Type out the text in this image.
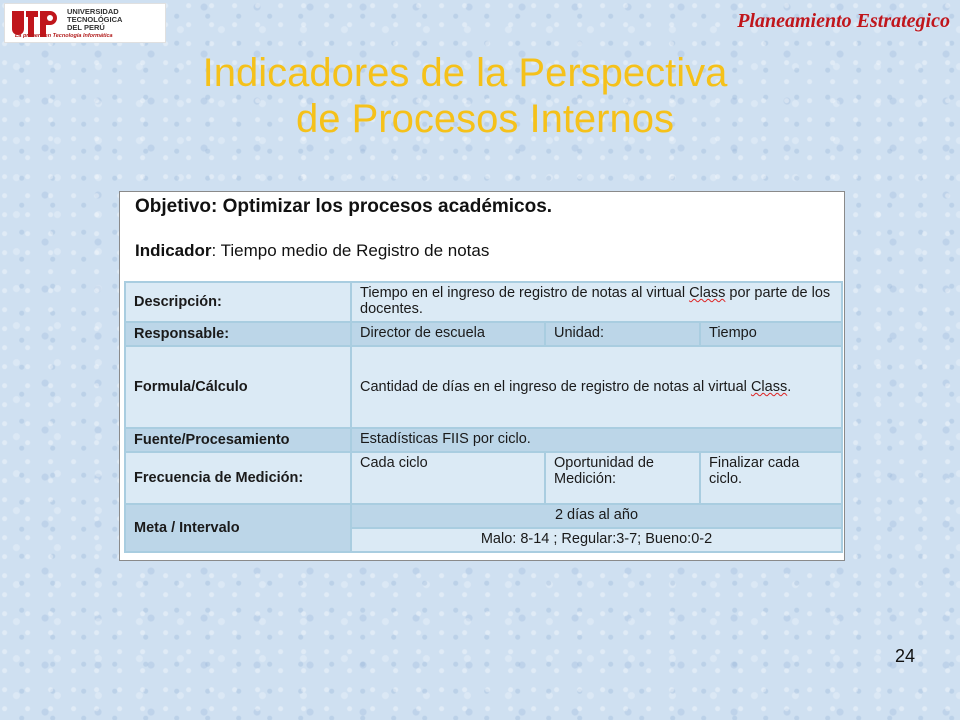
UNIVERSIDAD
TECNOLÓGICA
DEL PERÚ
La primera en Tecnología Informática
Planeamiento Estrategico
Indicadores de la Perspectiva
de Procesos Internos
Objetivo: Optimizar los procesos académicos.
Indicador: Tiempo medio de Registro de notas
Descripción:	Tiempo en el ingreso de registro de notas al virtual Class por parte de los docentes.		
Responsable:	Director de escuela	Unidad:	Tiempo
Formula/Cálculo	Cantidad de días en el ingreso de registro de notas al virtual Class.		
Fuente/Procesamiento	Estadísticas FIIS por ciclo.		
Frecuencia de Medición:	Cada ciclo	Oportunidad de Medición:	Finalizar cada ciclo.
Meta / Intervalo	2 días al año		
	Malo: 8-14 ; Regular:3-7; Bueno:0-2		
24
